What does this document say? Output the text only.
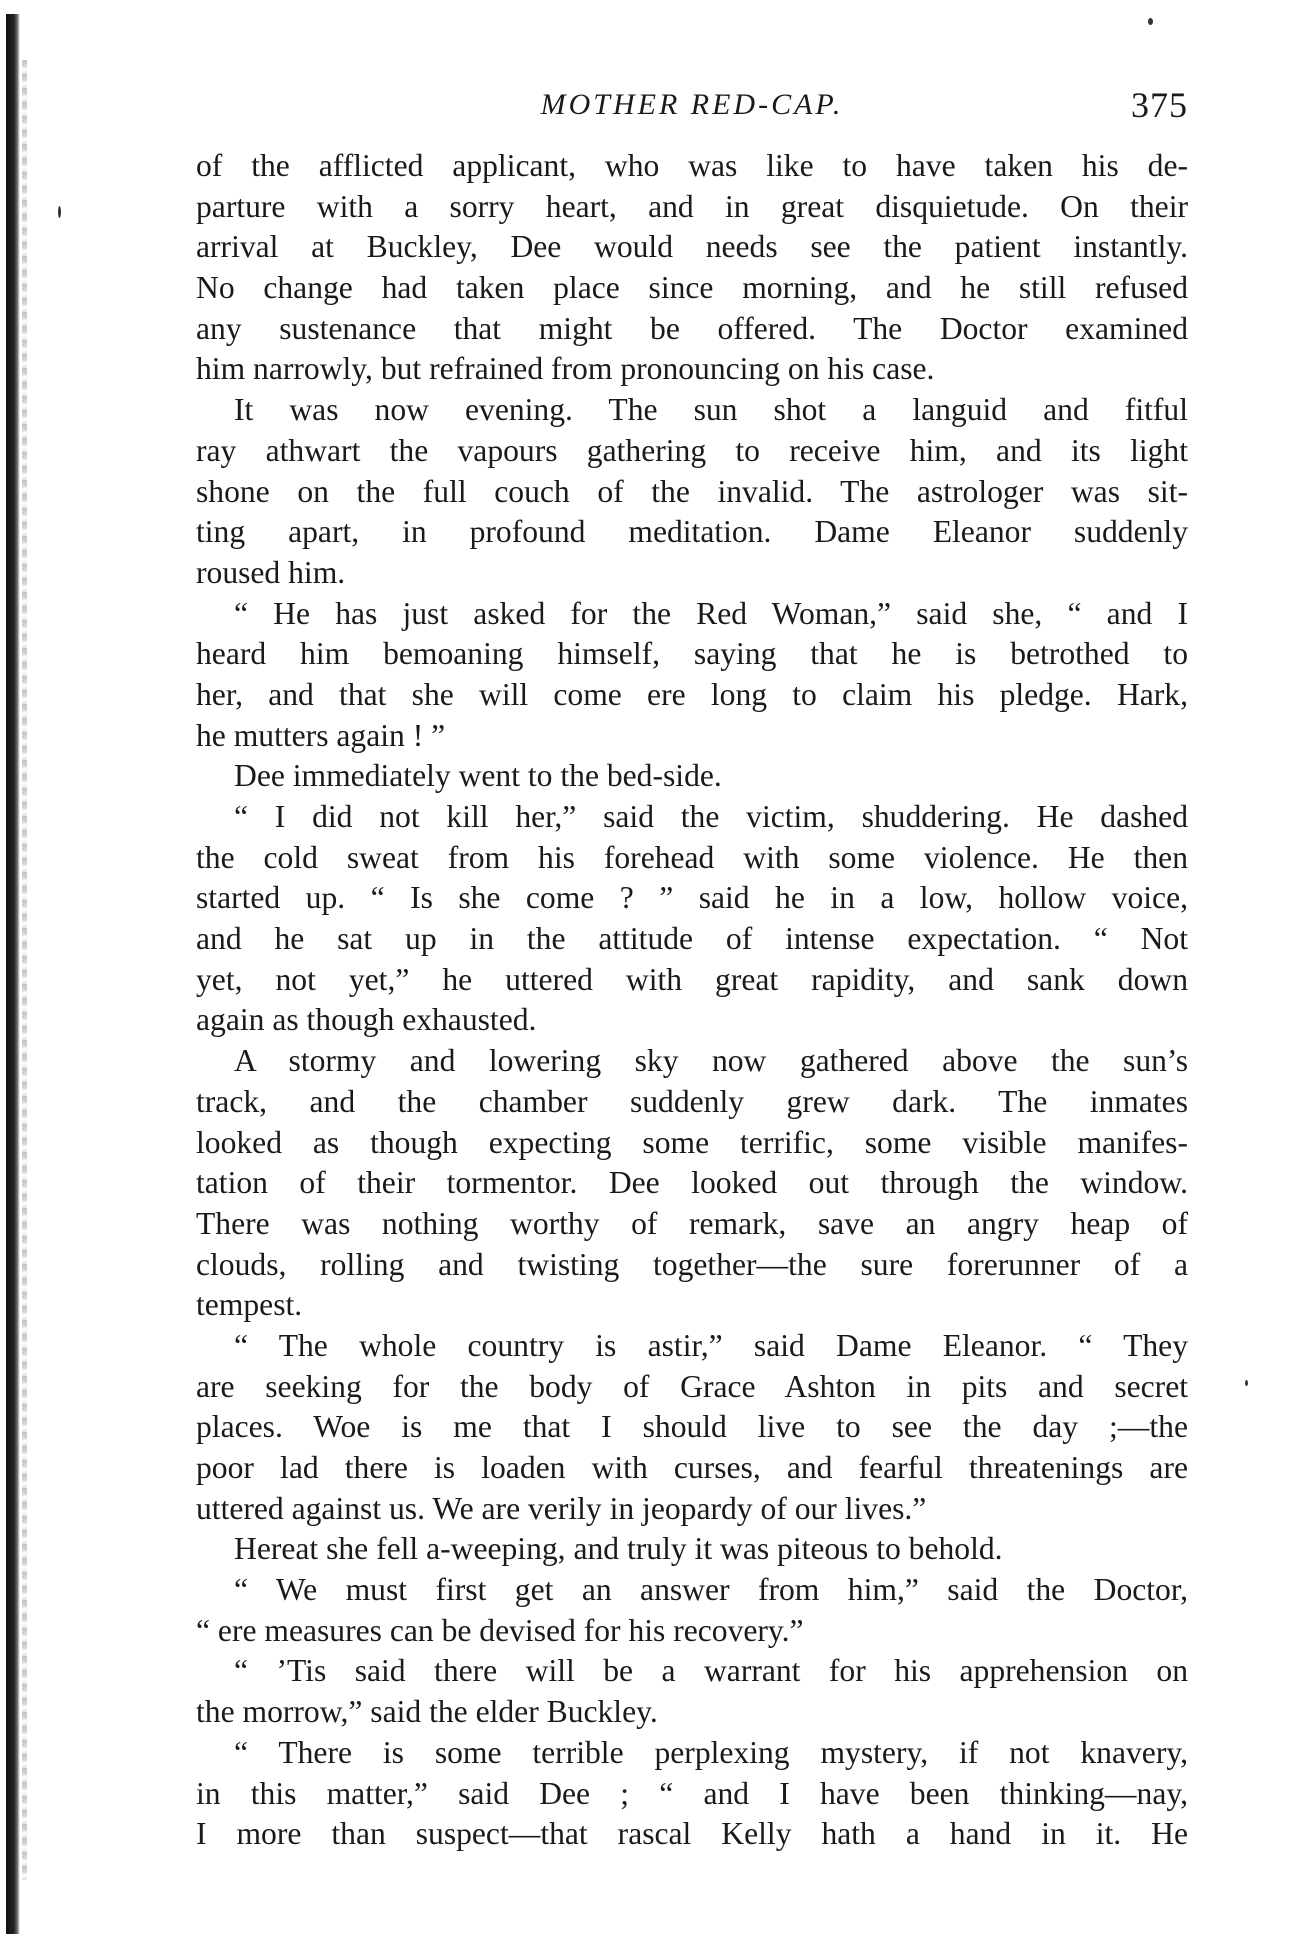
MOTHER RED-CAP.	375
of the afflicted applicant, who was like to have taken his de-
parture with a sorry heart, and in great disquietude. On their
arrival at Buckley, Dee would needs see the patient instantly.
No change had taken place since morning, and he still refused
any sustenance that might be offered. The Doctor examined
him narrowly, but refrained from pronouncing on his case.
It was now evening. The sun shot a languid and fitful
ray athwart the vapours gathering to receive him, and its light
shone on the full couch of the invalid. The astrologer was sit-
ting apart, in profound meditation. Dame Eleanor suddenly
roused him.
“ He has just asked for the Red Woman,” said she, “ and I
heard him bemoaning himself, saying that he is betrothed to
her, and that she will come ere long to claim his pledge. Hark,
he mutters again ! ”
Dee immediately went to the bed-side.
“ I did not kill her,” said the victim, shuddering. He dashed
the cold sweat from his forehead with some violence. He then
started up. “ Is she come ? ” said he in a low, hollow voice,
and he sat up in the attitude of intense expectation. “ Not
yet, not yet,” he uttered with great rapidity, and sank down
again as though exhausted.
A stormy and lowering sky now gathered above the sun’s
track, and the chamber suddenly grew dark. The inmates
looked as though expecting some terrific, some visible manifes-
tation of their tormentor. Dee looked out through the window.
There was nothing worthy of remark, save an angry heap of
clouds, rolling and twisting together—the sure forerunner of a
tempest.
“ The whole country is astir,” said Dame Eleanor. “ They
are seeking for the body of Grace Ashton in pits and secret
places. Woe is me that I should live to see the day ;—the
poor lad there is loaden with curses, and fearful threatenings are
uttered against us. We are verily in jeopardy of our lives.”
Hereat she fell a-weeping, and truly it was piteous to behold.
“ We must first get an answer from him,” said the Doctor,
“ ere measures can be devised for his recovery.”
“ ’Tis said there will be a warrant for his apprehension on
the morrow,” said the elder Buckley.
“ There is some terrible perplexing mystery, if not knavery,
in this matter,” said Dee ; “ and I have been thinking—nay,
I more than suspect—that rascal Kelly hath a hand in it. He
